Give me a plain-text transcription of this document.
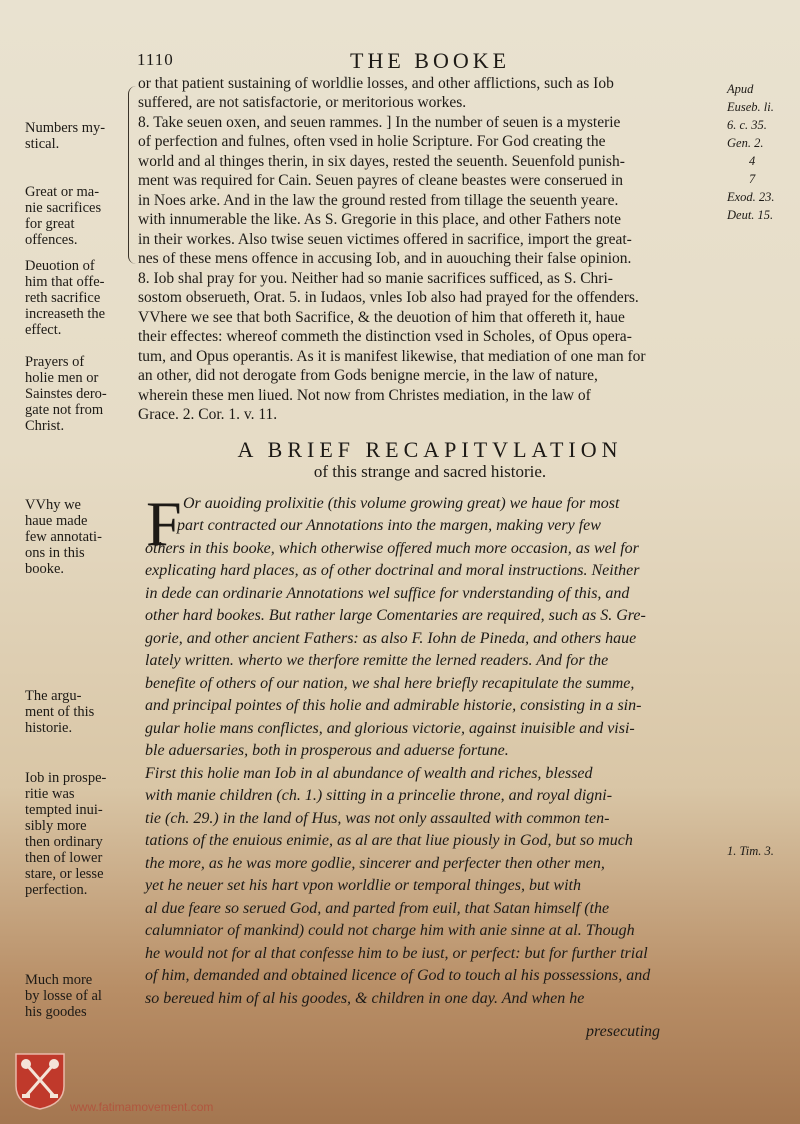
1110	THE BOOKE
or that patient sustaining of worldlie losses, and other afflictions, such as Iob
suffered, are not satisfactorie, or meritorious workes.
8. Take seuen oxen, and seuen rammes. ] In the number of seuen is a mysterie
of perfection and fulnes, often vsed in holie Scripture. For God creating the
world and al thinges therin, in six dayes, rested the seuenth. Seuenfold punish-
ment was required for Cain. Seuen payres of cleane beastes were conserued in
in Noes arke. And in the law the ground rested from tillage the seuenth yeare.
with innumerable the like. As S. Gregorie in this place, and other Fathers note
in their workes. Also twise seuen victimes offered in sacrifice, import the great-
nes of these mens offence in accusing Iob, and in auouching their false opinion.
8. Iob shal pray for you. Neither had so manie sacrifices sufficed, as S. Chri-
sostom obserueth, Orat. 5. in Iudaos, vnles Iob also had prayed for the offenders.
VVhere we see that both Sacrifice, & the deuotion of him that offereth it, haue
their effectes: whereof commeth the distinction vsed in Scholes, of Opus opera-
tum, and Opus operantis. As it is manifest likewise, that mediation of one man for
an other, did not derogate from Gods benigne mercie, in the law of nature,
wherein these men liued. Not now from Christes mediation, in the law of
Grace. 2. Cor. 1. v. 11.
Numbers my-
stical.
Great or ma-
nie sacrifices
for great
offences.
Deuotion of
him that offe-
reth sacrifice
increaseth the
effect.
Prayers of
holie men or
Sainstes dero-
gate not from
Christ.
Apud
Euseb. li.
6. c. 35.
Gen. 2.
4
7
Exod. 23.
Deut. 15.
A BRIEF RECAPITVLATION
of this strange and sacred historie.
F Or auoiding prolixitie (this volume growing great) we haue for most
part contracted our Annotations into the margen, making very few
others in this booke, which otherwise offered much more occasion, as wel for
explicating hard places, as of other doctrinal and moral instructions. Neither
in dede can ordinarie Annotations wel suffice for vnderstanding of this, and
other hard bookes. But rather large Comentaries are required, such as S. Gre-
gorie, and other ancient Fathers: as also F. Iohn de Pineda, and others haue
lately written. wherto we therfore remitte the lerned readers. And for the
benefite of others of our nation, we shal here briefly recapitulate the summe,
and principal pointes of this holie and admirable historie, consisting in a sin-
gular holie mans conflictes, and glorious victorie, against inuisible and visi-
ble aduersaries, both in prosperous and aduerse fortune.
First this holie man Iob in al abundance of wealth and riches, blessed
with manie children (ch. 1.) sitting in a princelie throne, and royal digni-
tie (ch. 29.) in the land of Hus, was not only assaulted with common ten-
tations of the enuious enimie, as al are that liue piously in God, but so much
the more, as he was more godlie, sincerer and perfecter then other men,
yet he neuer set his hart vpon worldlie or temporal thinges, but with
al due feare so serued God, and parted from euil, that Satan himself (the
calumniator of mankind) could not charge him with anie sinne at al. Though
he would not for al that confesse him to be iust, or perfect: but for further trial
of him, demanded and obtained licence of God to touch al his possessions, and
so bereued him of al his goodes, & children in one day. And when he
VVhy we
haue made
few annotati-
ons in this
booke.
The argu-
ment of this
historie.
Iob in prospe-
ritie was
tempted inui-
sibly more
then ordinary
then of lower
stare, or lesse
perfection.
Much more
by losse of al
his goodes
1. Tim. 3.
presecuting
www.fatimamovement.com
